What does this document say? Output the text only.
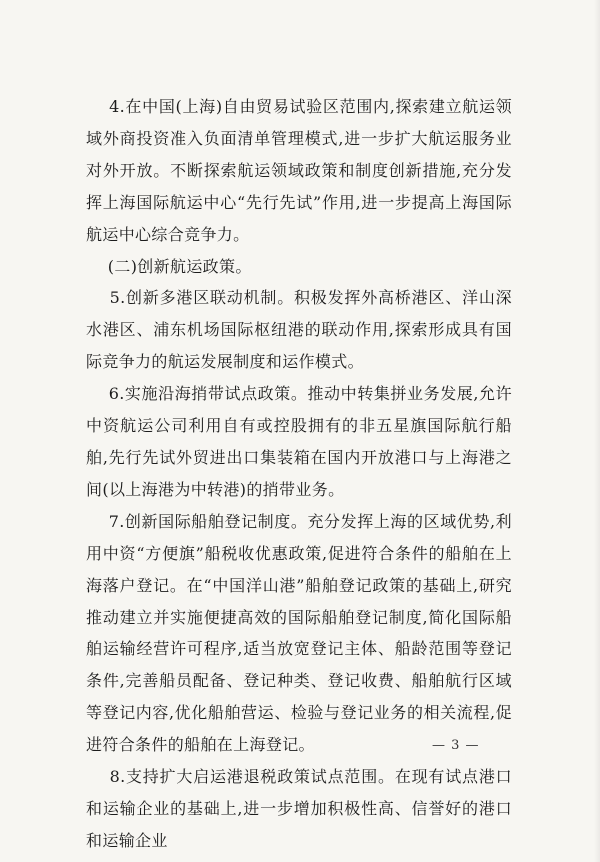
4.在中国(上海)自由贸易试验区范围内,探索建立航运领域外商投资准入负面清单管理模式,进一步扩大航运服务业对外开放。不断探索航运领域政策和制度创新措施,充分发挥上海国际航运中心“先行先试”作用,进一步提高上海国际航运中心综合竞争力。

(二)创新航运政策。

5.创新多港区联动机制。积极发挥外高桥港区、洋山深水港区、浦东机场国际枢纽港的联动作用,探索形成具有国际竞争力的航运发展制度和运作模式。

6.实施沿海捎带试点政策。推动中转集拼业务发展,允许中资航运公司利用自有或控股拥有的非五星旗国际航行船舶,先行先试外贸进出口集装箱在国内开放港口与上海港之间(以上海港为中转港)的捎带业务。

7.创新国际船舶登记制度。充分发挥上海的区域优势,利用中资“方便旗”船税收优惠政策,促进符合条件的船舶在上海落户登记。在“中国洋山港”船舶登记政策的基础上,研究推动建立并实施便捷高效的国际船舶登记制度,简化国际船舶运输经营许可程序,适当放宽登记主体、船龄范围等登记条件,完善船员配备、登记种类、登记收费、船舶航行区域等登记内容,优化船舶营运、检验与登记业务的相关流程,促进符合条件的船舶在上海登记。

8.支持扩大启运港退税政策试点范围。在现有试点港口和运输企业的基础上,进一步增加积极性高、信誉好的港口和运输企业

— 3 —
